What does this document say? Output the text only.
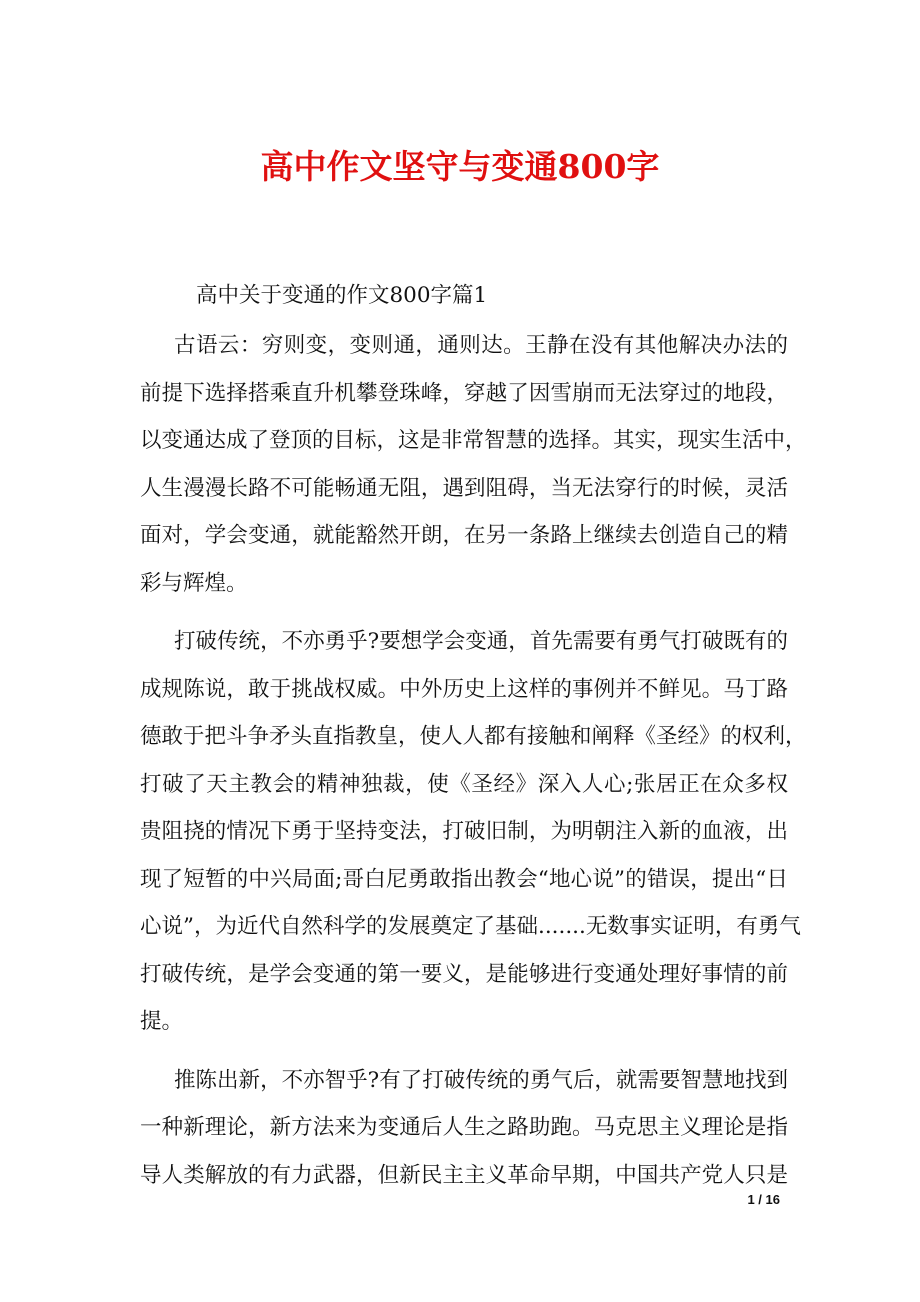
高中作文坚守与变通800字
高中关于变通的作文800字篇1
古语云：穷则变，变则通，通则达。王静在没有其他解决办法的
前提下选择搭乘直升机攀登珠峰，穿越了因雪崩而无法穿过的地段，
以变通达成了登顶的目标，这是非常智慧的选择。其实，现实生活中，
人生漫漫长路不可能畅通无阻，遇到阻碍，当无法穿行的时候，灵活
面对，学会变通，就能豁然开朗，在另一条路上继续去创造自己的精
彩与辉煌。
打破传统，不亦勇乎?要想学会变通，首先需要有勇气打破既有的
成规陈说，敢于挑战权威。中外历史上这样的事例并不鲜见。马丁路
德敢于把斗争矛头直指教皇，使人人都有接触和阐释《圣经》的权利，
打破了天主教会的精神独裁，使《圣经》深入人心;张居正在众多权
贵阻挠的情况下勇于坚持变法，打破旧制，为明朝注入新的血液，出
现了短暂的中兴局面;哥白尼勇敢指出教会“地心说”的错误，提出“日
心说”，为近代自然科学的发展奠定了基础.......无数事实证明，有勇气
打破传统，是学会变通的第一要义，是能够进行变通处理好事情的前
提。
推陈出新，不亦智乎?有了打破传统的勇气后，就需要智慧地找到
一种新理论，新方法来为变通后人生之路助跑。马克思主义理论是指
导人类解放的有力武器，但新民主主义革命早期，中国共产党人只是
1 / 16
